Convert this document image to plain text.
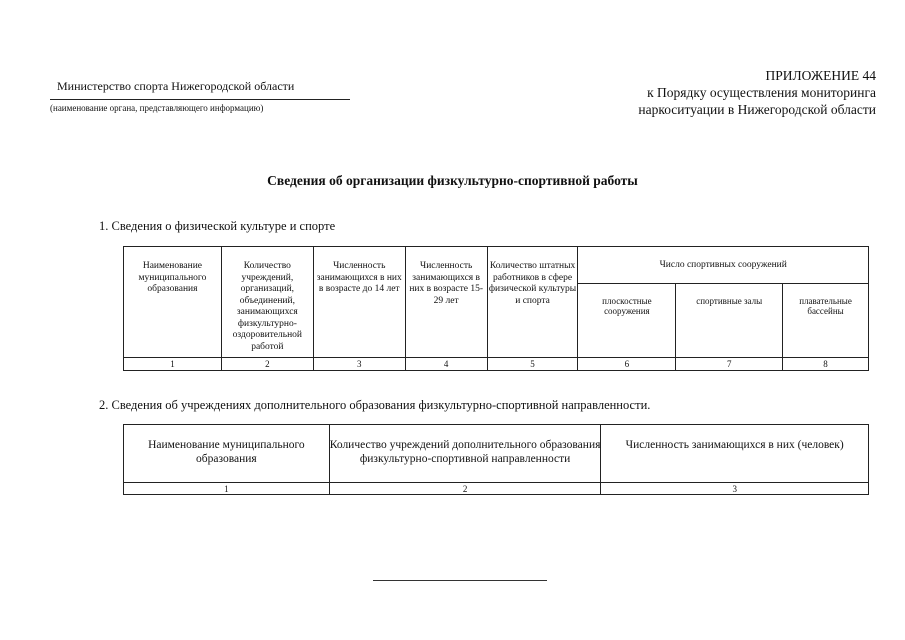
Министерство спорта Нижегородской области
(наименование органа, представляющего информацию)
ПРИЛОЖЕНИЕ 44
к Порядку осуществления мониторинга
наркоситуации в Нижегородской области
Сведения об организации физкультурно-спортивной работы
1. Сведения о физической культуре и спорте
Наименование муниципального образования	Количество учреждений, организаций, объединений, занимающихся физкультурно-оздоровительной работой	Численность занимающихся в них в возрасте до 14 лет	Численность занимающихся в них в возрасте 15-29 лет	Количество штатных работников в сфере физической культуры и спорта	Число спортивных сооружений		
					плоскостные сооружения	спортивные залы	плавательные бассейны
1	2	3	4	5	6	7	8
2. Сведения об учреждениях дополнительного образования физкультурно-спортивной направленности.
Наименование муниципального образования	Количество учреждений дополнительного образования физкультурно-спортивной направленности	Численность занимающихся в них (человек)
1	2	3
